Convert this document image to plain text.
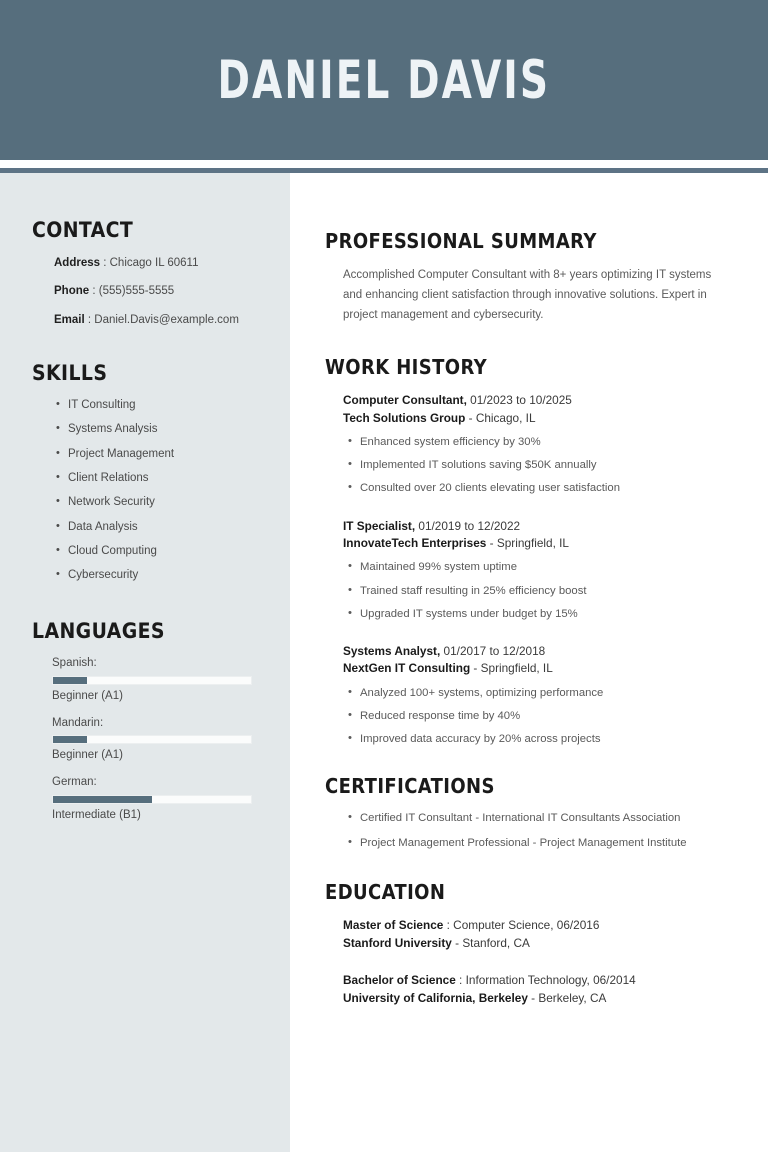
DANIEL DAVIS
CONTACT
Address : Chicago IL 60611
Phone : (555)555-5555
Email : Daniel.Davis@example.com
SKILLS
• IT Consulting
• Systems Analysis
• Project Management
• Client Relations
• Network Security
• Data Analysis
• Cloud Computing
• Cybersecurity
LANGUAGES
Spanish:
Beginner (A1)
Mandarin:
Beginner (A1)
German:
Intermediate (B1)
PROFESSIONAL SUMMARY

Accomplished Computer Consultant with 8+ years optimizing IT systems and enhancing client satisfaction through innovative solutions. Expert in project management and cybersecurity.

WORK HISTORY
Computer Consultant, 01/2023 to 10/2025
Tech Solutions Group - Chicago, IL
• Enhanced system efficiency by 30%
• Implemented IT solutions saving $50K annually
• Consulted over 20 clients elevating user satisfaction
IT Specialist, 01/2019 to 12/2022
InnovateTech Enterprises - Springfield, IL
• Maintained 99% system uptime
• Trained staff resulting in 25% efficiency boost
• Upgraded IT systems under budget by 15%
Systems Analyst, 01/2017 to 12/2018
NextGen IT Consulting - Springfield, IL
• Analyzed 100+ systems, optimizing performance
• Reduced response time by 40%
• Improved data accuracy by 20% across projects
CERTIFICATIONS
• Certified IT Consultant - International IT Consultants Association
• Project Management Professional - Project Management Institute
EDUCATION
Master of Science : Computer Science, 06/2016
Stanford University - Stanford, CA
Bachelor of Science : Information Technology, 06/2014
University of California, Berkeley - Berkeley, CA
